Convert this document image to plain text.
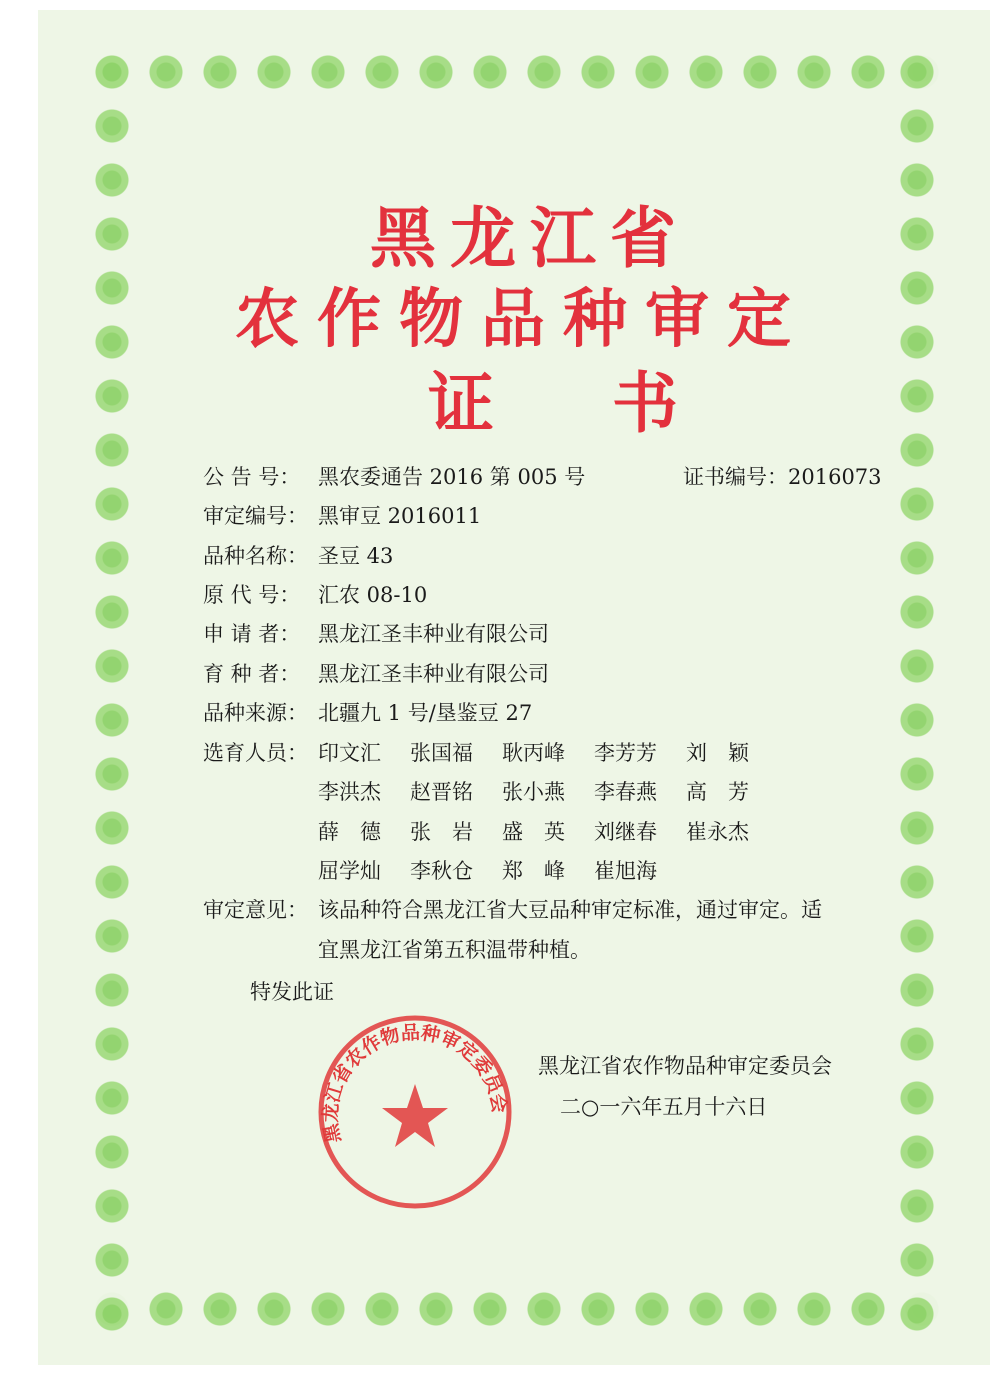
黑龙江省
农作物品种审定
证书
公 告 号： 黑农委通告 2016 第 005 号
审定编号： 黑审豆 2016011
品种名称： 圣豆 43
原 代 号： 汇农 08-10
申 请 者： 黑龙江圣丰种业有限公司
育 种 者： 黑龙江圣丰种业有限公司
品种来源： 北疆九 1 号/垦鉴豆 27
证书编号：2016073
选育人员： 印文汇 张国福 耿丙峰 李芳芳 刘　颖
李洪杰 赵晋铭 张小燕 李春燕 高　芳
薛　德 张　岩 盛　英 刘继春 崔永杰
屈学灿 李秋仓 郑　峰 崔旭海
审定意见： 该品种符合黑龙江省大豆品种审定标准，通过审定。适
宜黑龙江省第五积温带种植。
特发此证
黑龙江省农作物品种审定委员会
黑龙江省农作物品种审定委员会
二○一六年五月十六日
